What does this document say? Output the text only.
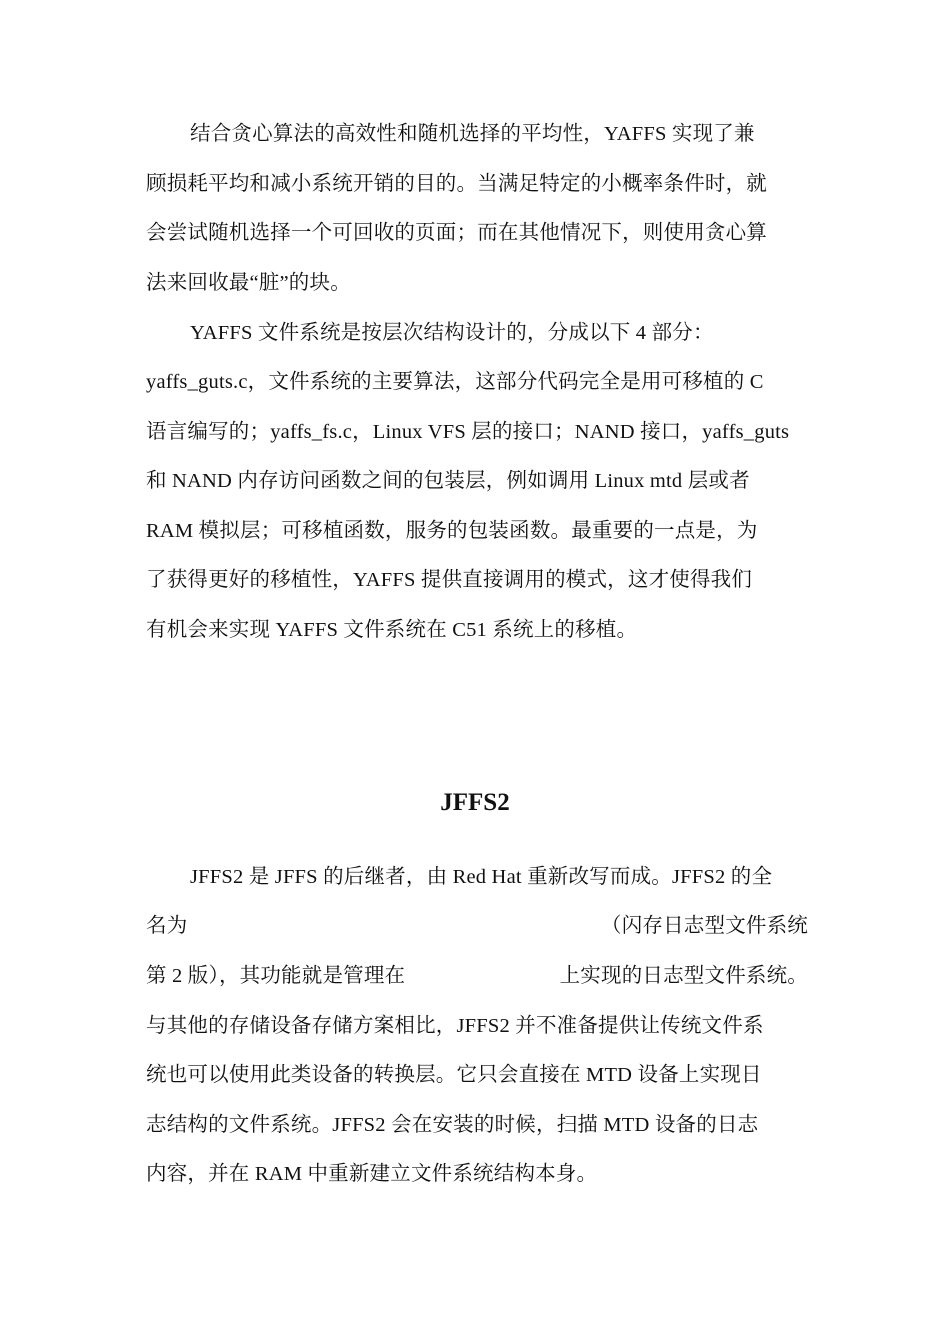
结合贪心算法的高效性和随机选择的平均性，YAFFS 实现了兼
顾损耗平均和减小系统开销的目的。当满足特定的小概率条件时，就
会尝试随机选择一个可回收的页面；而在其他情况下，则使用贪心算
法来回收最“脏”的块。
YAFFS 文件系统是按层次结构设计的，分成以下 4 部分：
yaffs_guts.c，文件系统的主要算法，这部分代码完全是用可移植的 C
语言编写的；yaffs_fs.c，Linux VFS 层的接口；NAND 接口，yaffs_guts
和 NAND 内存访问函数之间的包装层，例如调用 Linux mtd 层或者
RAM 模拟层；可移植函数，服务的包装函数。最重要的一点是，为
了获得更好的移植性，YAFFS 提供直接调用的模式，这才使得我们
有机会来实现 YAFFS 文件系统在 C51 系统上的移植。
JFFS2
JFFS2 是 JFFS 的后继者，由 Red Hat 重新改写而成。JFFS2 的全
名为	（闪存日志型文件系统
第 2 版），其功能就是管理在	上实现的日志型文件系统。
与其他的存储设备存储方案相比，JFFS2 并不准备提供让传统文件系
统也可以使用此类设备的转换层。它只会直接在 MTD 设备上实现日
志结构的文件系统。JFFS2 会在安装的时候，扫描 MTD 设备的日志
内容，并在 RAM 中重新建立文件系统结构本身。
